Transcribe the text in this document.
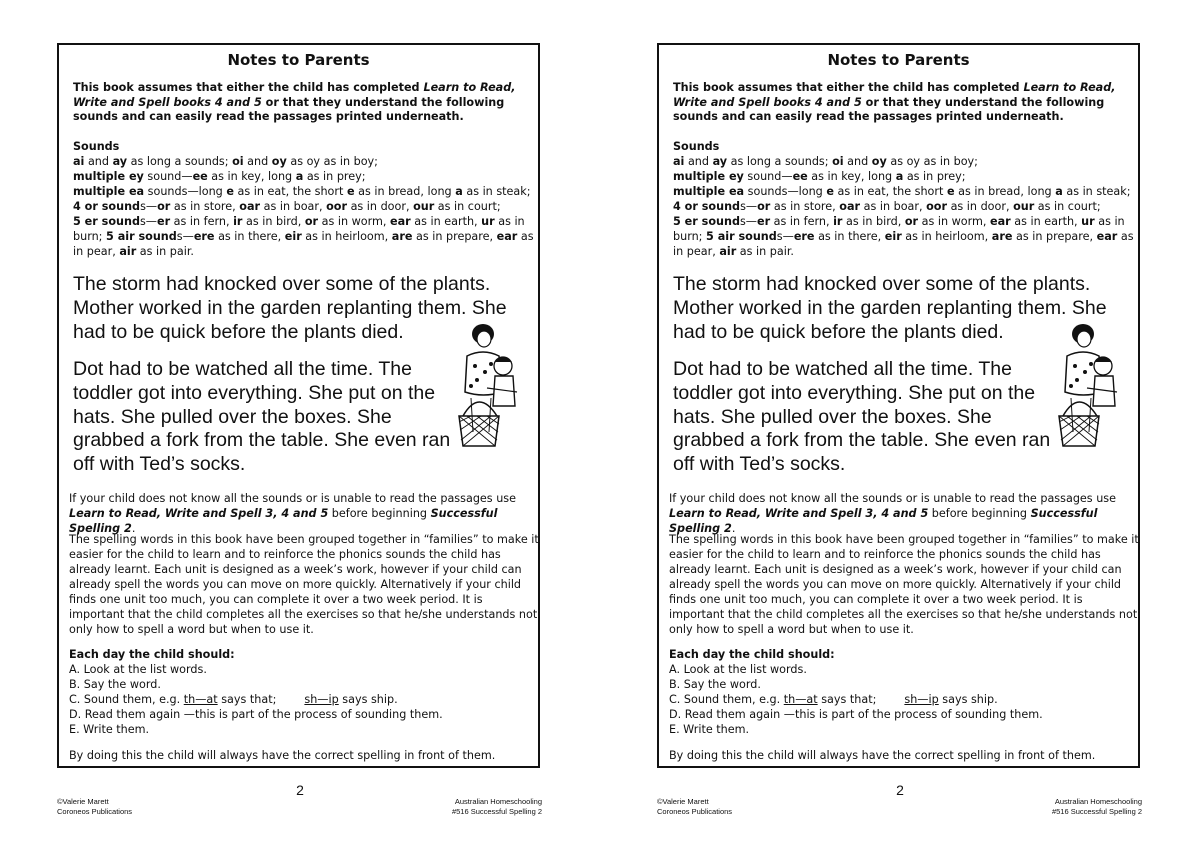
Notes to Parents
This book assumes that either the child has completed Learn to Read, Write and Spell books 4 and 5 or that they understand the following sounds and can easily read the passages printed underneath.
Sounds
ai and ay as long a sounds; oi and oy as oy as in boy;
multiple ey sound—ee as in key, long a as in prey;
multiple ea sounds—long e as in eat, the short e as in bread, long a as in steak;
4 or sounds—or as in store, oar as in boar, oor as in door, our as in court;
5 er sounds—er as in fern, ir as in bird, or as in worm, ear as in earth, ur as in burn; 5 air sounds—ere as in there, eir as in heirloom, are as in prepare, ear as in pear, air as in pair.
The storm had knocked over some of the plants. Mother worked in the garden replanting them. She had to be quick before the plants died.
Dot had to be watched all the time. The toddler got into everything. She put on the hats. She pulled over the boxes. She grabbed a fork from the table. She even ran off with Ted’s socks.
If your child does not know all the sounds or is unable to read the passages use Learn to Read, Write and Spell 3, 4 and 5 before beginning Successful Spelling 2.
The spelling words in this book have been grouped together in “families” to make it easier for the child to learn and to reinforce the phonics sounds the child has already learnt. Each unit is designed as a week’s work, however if your child can already spell the words you can move on more quickly. Alternatively if your child finds one unit too much, you can complete it over a two week period. It is important that the child completes all the exercises so that he/she understands not only how to spell a word but when to use it.
Each day the child should:
A. Look at the list words.
B. Say the word.
C. Sound them, e.g. th—at says that;	sh—ip says ship.
D. Read them again —this is part of the process of sounding them.
E. Write them.
By doing this the child will always have the correct spelling in front of them.
2
©Valerie Marett
Coroneos Publications
Australian Homeschooling
#516 Successful Spelling 2
Notes to Parents
This book assumes that either the child has completed Learn to Read, Write and Spell books 4 and 5 or that they understand the following sounds and can easily read the passages printed underneath.
Sounds
ai and ay as long a sounds; oi and oy as oy as in boy;
multiple ey sound—ee as in key, long a as in prey;
multiple ea sounds—long e as in eat, the short e as in bread, long a as in steak;
4 or sounds—or as in store, oar as in boar, oor as in door, our as in court;
5 er sounds—er as in fern, ir as in bird, or as in worm, ear as in earth, ur as in burn; 5 air sounds—ere as in there, eir as in heirloom, are as in prepare, ear as in pear, air as in pair.
The storm had knocked over some of the plants. Mother worked in the garden replanting them. She had to be quick before the plants died.
Dot had to be watched all the time. The toddler got into everything. She put on the hats. She pulled over the boxes. She grabbed a fork from the table. She even ran off with Ted’s socks.
If your child does not know all the sounds or is unable to read the passages use Learn to Read, Write and Spell 3, 4 and 5 before beginning Successful Spelling 2.
The spelling words in this book have been grouped together in “families” to make it easier for the child to learn and to reinforce the phonics sounds the child has already learnt. Each unit is designed as a week’s work, however if your child can already spell the words you can move on more quickly. Alternatively if your child finds one unit too much, you can complete it over a two week period. It is important that the child completes all the exercises so that he/she understands not only how to spell a word but when to use it.
Each day the child should:
A. Look at the list words.
B. Say the word.
C. Sound them, e.g. th—at says that;	sh—ip says ship.
D. Read them again —this is part of the process of sounding them.
E. Write them.
By doing this the child will always have the correct spelling in front of them.
2
©Valerie Marett
Coroneos Publications
Australian Homeschooling
#516 Successful Spelling 2
